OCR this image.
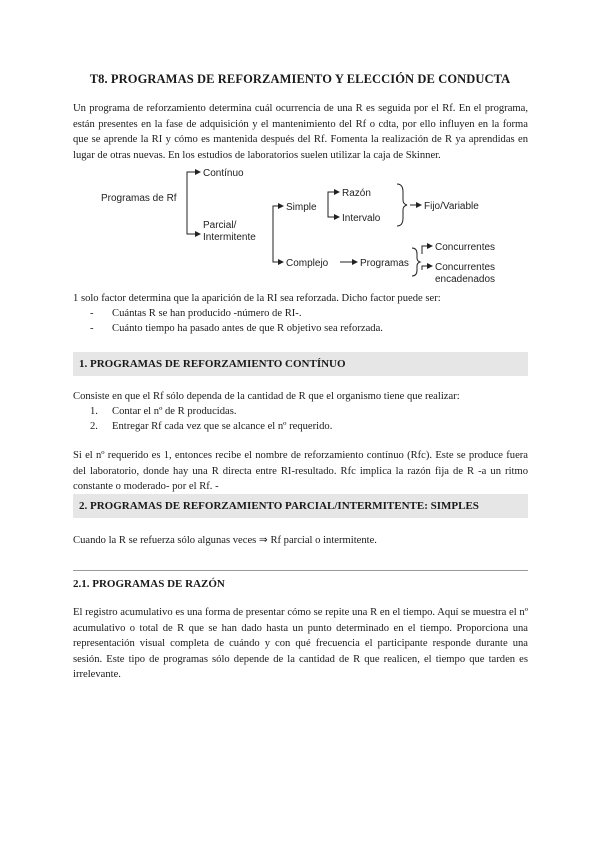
T8. PROGRAMAS DE REFORZAMIENTO Y ELECCIÓN DE CONDUCTA

Un programa de reforzamiento determina cuál ocurrencia de una R es seguida por el Rf. En el programa, están presentes en la fase de adquisición y el mantenimiento del Rf o cdta, por ello influyen en la forma que se aprende la RI y cómo es mantenida después del Rf. Fomenta la realización de R ya aprendidas en lugar de otras nuevas. En los estudios de laboratorios suelen utilizar la caja de Skinner.

Programas de Rf
Contínuo
Parcial/
Intermitente
Simple
Razón
Intervalo
Fijo/Variable
Complejo	Programas
Concurrentes
Concurrentes
encadenados

1 solo factor determina que la aparición de la RI sea reforzada. Dicho factor puede ser:

-	Cuántas R se han producido -número de RI-.
-	Cuánto tiempo ha pasado antes de que R objetivo sea reforzada.
1. PROGRAMAS DE REFORZAMIENTO CONTÍNUO

Consiste en que el Rf sólo dependa de la cantidad de R que el organismo tiene que realizar:

1.	Contar el nº de R producidas.
2.	Entregar Rf cada vez que se alcance el nº requerido.

Si el nº requerido es 1, entonces recibe el nombre de reforzamiento contínuo (Rfc). Este se produce fuera del laboratorio, donde hay una R directa entre RI-resultado. Rfc implica la razón fija de R -a un ritmo constante o moderado- por el Rf. -

2. PROGRAMAS DE REFORZAMIENTO PARCIAL/INTERMITENTE: SIMPLES

Cuando la R se refuerza sólo algunas veces ⇒ Rf parcial o intermitente.

2.1. PROGRAMAS DE RAZÓN

El registro acumulativo es una forma de presentar cómo se repite una R en el tiempo. Aquí se muestra el nº acumulativo o total de R que se han dado hasta un punto determinado en el tiempo. Proporciona una representación visual completa de cuándo y con qué frecuencia el participante responde durante una sesión. Este tipo de programas sólo depende de la cantidad de R que realicen, el tiempo que tarden es irrelevante.
